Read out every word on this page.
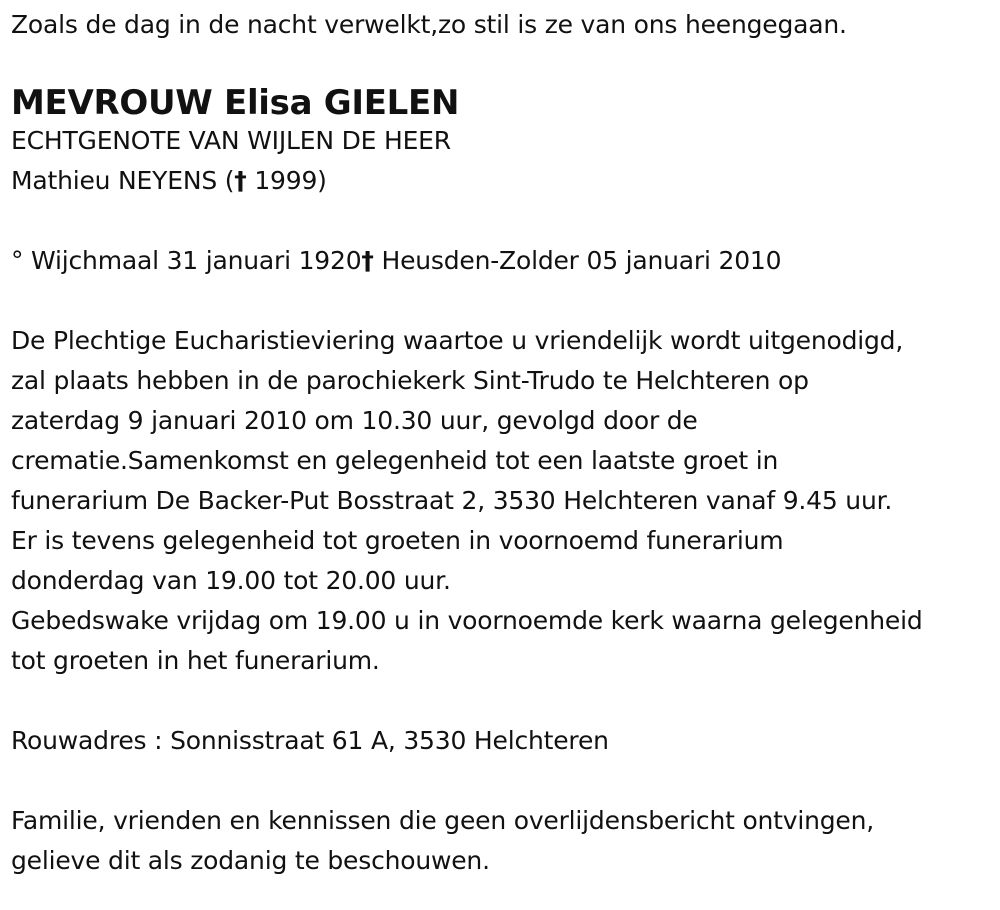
Zoals de dag in de nacht verwelkt,zo stil is ze van ons heengegaan.
MEVROUW Elisa GIELEN
ECHTGENOTE VAN WIJLEN DE HEER
Mathieu NEYENS († 1999)
° Wijchmaal 31 januari 1920† Heusden-Zolder 05 januari 2010
De Plechtige Eucharistieviering waartoe u vriendelijk wordt uitgenodigd,
zal plaats hebben in de parochiekerk Sint-Trudo te Helchteren op
zaterdag 9 januari 2010 om 10.30 uur, gevolgd door de
crematie.Samenkomst en gelegenheid tot een laatste groet in
funerarium De Backer-Put Bosstraat 2, 3530 Helchteren vanaf 9.45 uur.
Er is tevens gelegenheid tot groeten in voornoemd funerarium
donderdag van 19.00 tot 20.00 uur.
Gebedswake vrijdag om 19.00 u in voornoemde kerk waarna gelegenheid
tot groeten in het funerarium.
Rouwadres : Sonnisstraat 61 A, 3530 Helchteren
Familie, vrienden en kennissen die geen overlijdensbericht ontvingen,
gelieve dit als zodanig te beschouwen.
